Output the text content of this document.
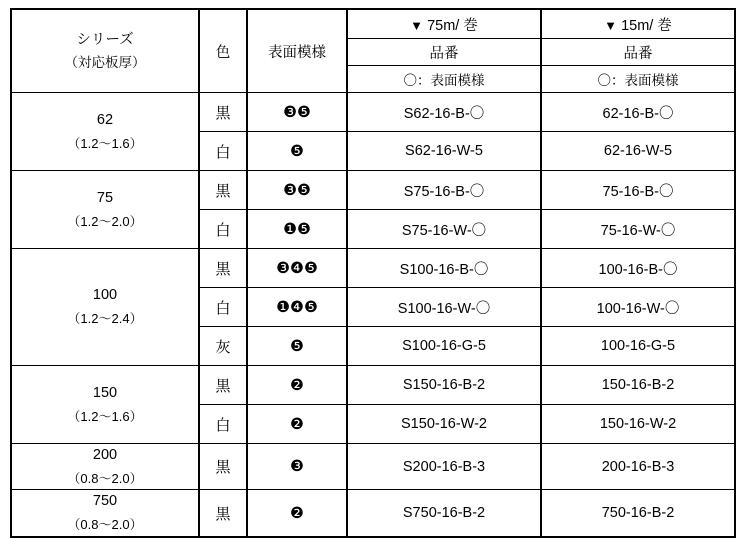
シリーズ
（対応板厚）	色	表面模様	▼ 75m/ 巻	▼ 15m/ 巻
			品番	品番
			〇：表面模様	〇：表面模様

62
（1.2〜1.6）	黒	❸❺	S62-16-B-〇	62-16-B-〇
	白	❺	S62-16-W-5	62-16-W-5

75
（1.2〜2.0）	黒	❸❺	S75-16-B-〇	75-16-B-〇
	白	❶❺	S75-16-W-〇	75-16-W-〇

100
（1.2〜2.4）	黒	❸❹❺	S100-16-B-〇	100-16-B-〇
	白	❶❹❺	S100-16-W-〇	100-16-W-〇
	灰	❺	S100-16-G-5	100-16-G-5

150
（1.2〜1.6）	黒	❷	S150-16-B-2	150-16-B-2
	白	❷	S150-16-W-2	150-16-W-2

200
（0.8〜2.0）	黒	❸	S200-16-B-3	200-16-B-3

750
（0.8〜2.0）	黒	❷	S750-16-B-2	750-16-B-2
